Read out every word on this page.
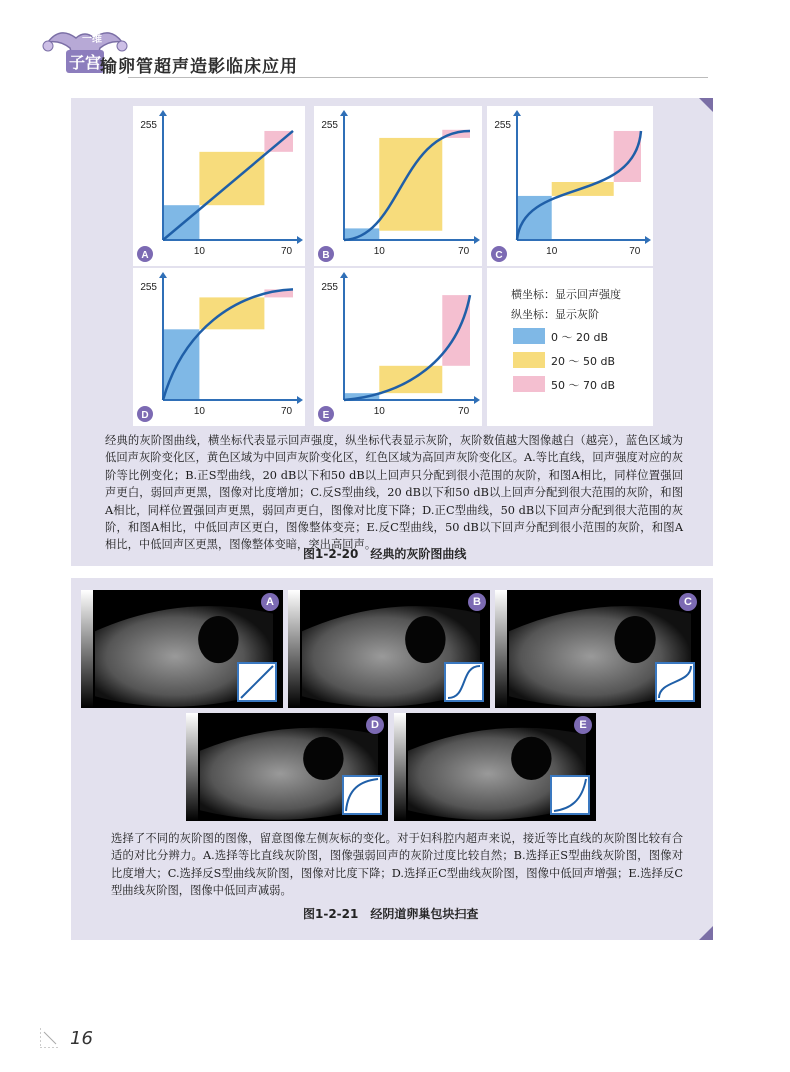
一维
子宫
输卵管超声造影临床应用
255
10	70
A
255
10	70
B
255
10	70
C
255
10	70
D
255
10	70
E
横坐标：显示回声强度
纵坐标：显示灰阶
0 ～ 20 dB
20 ～ 50 dB
50 ～ 70 dB
经典的灰阶图曲线，横坐标代表显示回声强度，纵坐标代表显示灰阶，灰阶数值越大图像越白（越亮），蓝色区域为低回声灰阶变化区，黄色区域为中回声灰阶变化区，红色区域为高回声灰阶变化区。A.等比直线，回声强度对应的灰阶等比例变化；B.正S型曲线，20 dB以下和50 dB以上回声只分配到很小范围的灰阶，和图A相比，同样位置强回声更白，弱回声更黑，图像对比度增加；C.反S型曲线，20 dB以下和50 dB以上回声分配到很大范围的灰阶，和图A相比，同样位置强回声更黑，弱回声更白，图像对比度下降；D.正C型曲线，50 dB以下回声分配到很大范围的灰阶，和图A相比，中低回声区更白，图像整体变亮；E.反C型曲线，50 dB以下回声分配到很小范围的灰阶，和图A相比，中低回声区更黑，图像整体变暗，突出高回声。
图1-2-20　经典的灰阶图曲线
A	B	C
D	E
选择了不同的灰阶图的图像，留意图像左侧灰标的变化。对于妇科腔内超声来说，接近等比直线的灰阶图比较有合适的对比分辨力。A.选择等比直线灰阶图，图像强弱回声的灰阶过度比较自然；B.选择正S型曲线灰阶图，图像对比度增大；C.选择反S型曲线灰阶图，图像对比度下降；D.选择正C型曲线灰阶图，图像中低回声增强；E.选择反C型曲线灰阶图，图像中低回声减弱。
图1-2-21　经阴道卵巢包块扫查
16
